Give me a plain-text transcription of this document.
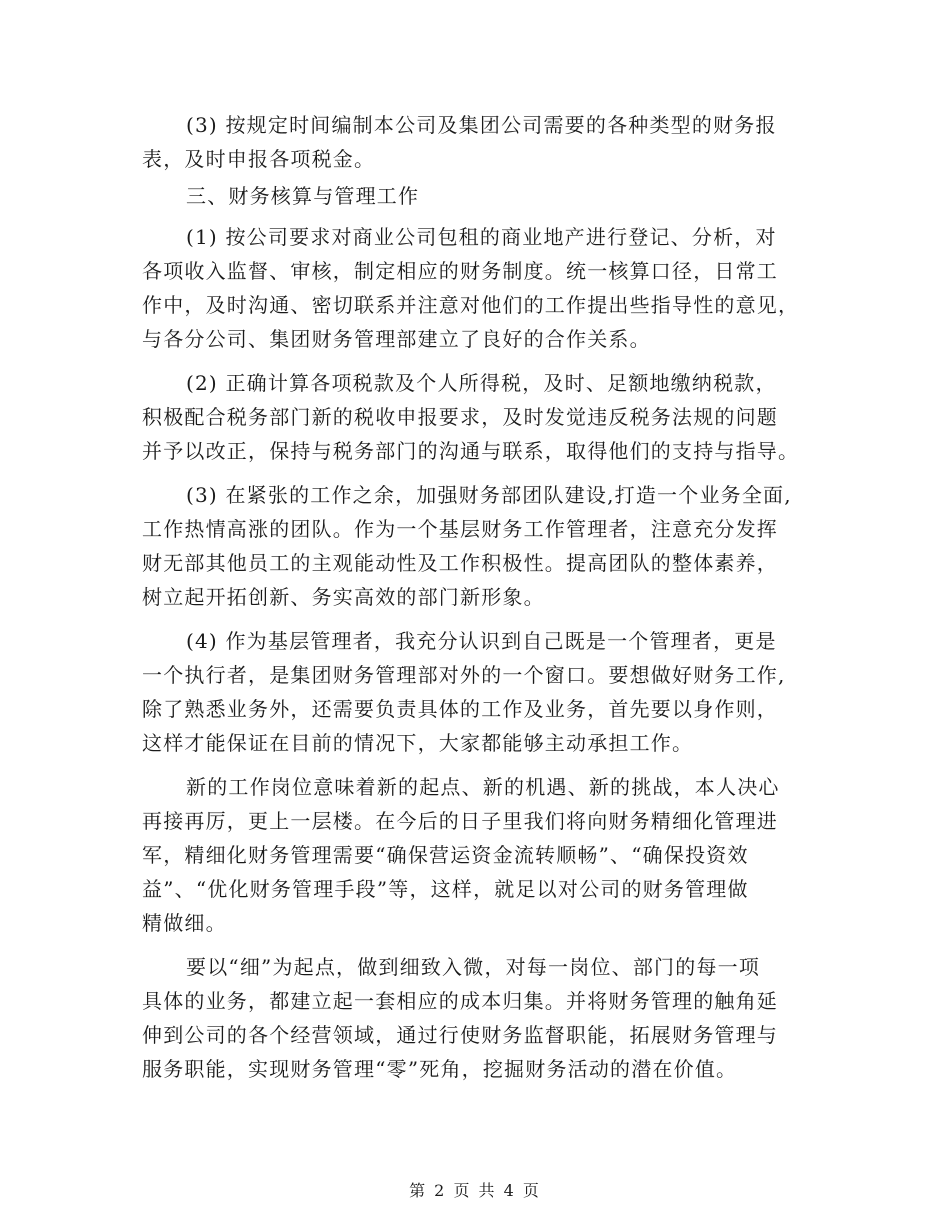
(3) 按规定时间编制本公司及集团公司需要的各种类型的财务报
表，及时申报各项税金。

三、财务核算与管理工作

(1) 按公司要求对商业公司包租的商业地产进行登记、分析，对
各项收入监督、审核，制定相应的财务制度。统一核算口径，日常工
作中，及时沟通、密切联系并注意对他们的工作提出些指导性的意见，
与各分公司、集团财务管理部建立了良好的合作关系。

(2) 正确计算各项税款及个人所得税，及时、足额地缴纳税款，
积极配合税务部门新的税收申报要求，及时发觉违反税务法规的问题
并予以改正，保持与税务部门的沟通与联系，取得他们的支持与指导。

(3) 在紧张的工作之余，加强财务部团队建设,打造一个业务全面,
工作热情高涨的团队。作为一个基层财务工作管理者，注意充分发挥
财无部其他员工的主观能动性及工作积极性。提高团队的整体素养，
树立起开拓创新、务实高效的部门新形象。

(4) 作为基层管理者，我充分认识到自己既是一个管理者，更是
一个执行者，是集团财务管理部对外的一个窗口。要想做好财务工作,
除了熟悉业务外，还需要负责具体的工作及业务，首先要以身作则，
这样才能保证在目前的情况下，大家都能够主动承担工作。

新的工作岗位意味着新的起点、新的机遇、新的挑战，本人决心
再接再厉，更上一层楼。在今后的日子里我们将向财务精细化管理进
军，精细化财务管理需要“确保营运资金流转顺畅”、“确保投资效
益”、“优化财务管理手段”等，这样，就足以对公司的财务管理做
精做细。

要以“细”为起点，做到细致入微，对每一岗位、部门的每一项
具体的业务，都建立起一套相应的成本归集。并将财务管理的触角延
伸到公司的各个经营领域，通过行使财务监督职能，拓展财务管理与
服务职能，实现财务管理“零”死角，挖掘财务活动的潜在价值。

第 2 页 共 4 页
